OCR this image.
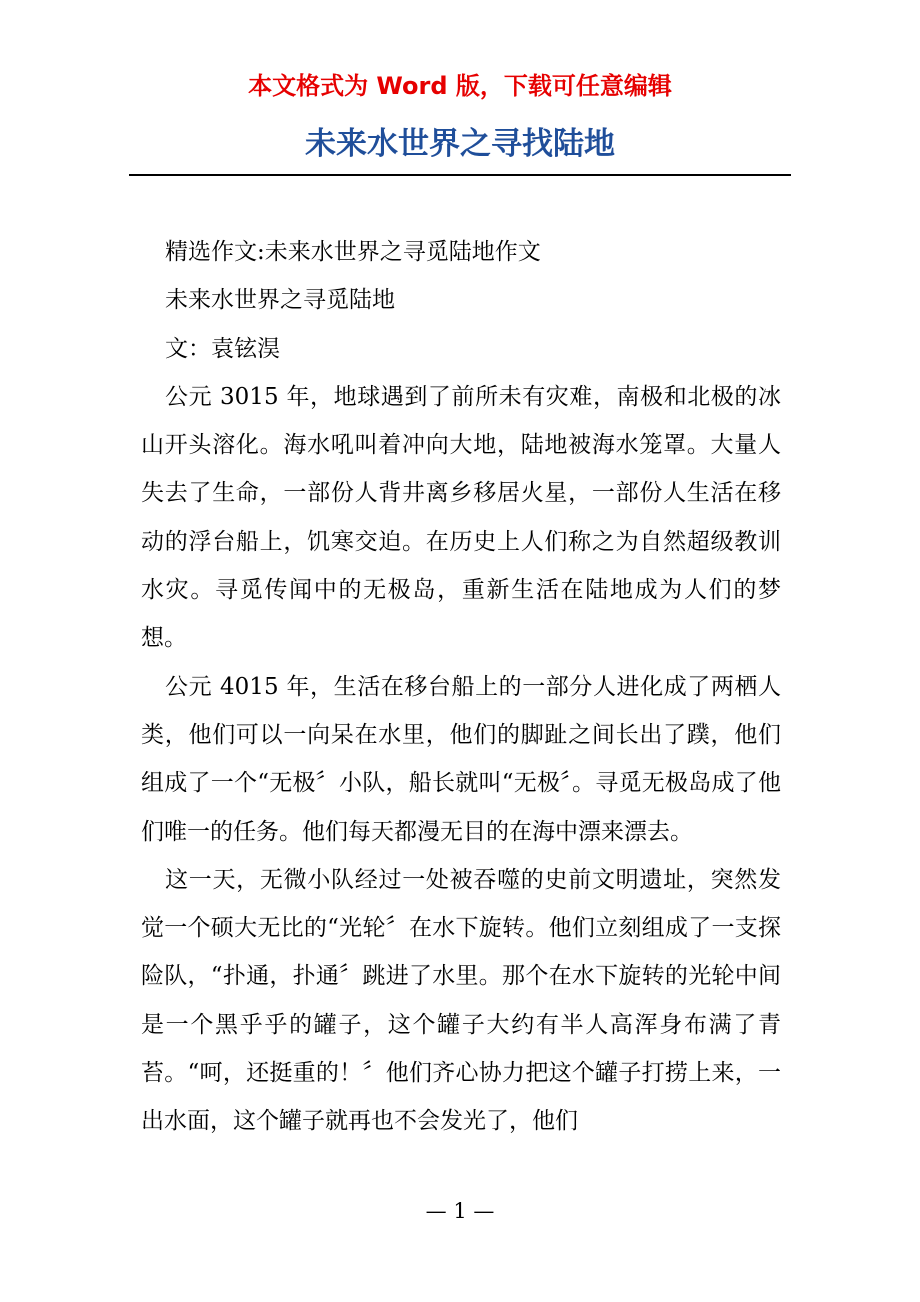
本文格式为 Word 版，下载可任意编辑
未来水世界之寻找陆地

精选作文:未来水世界之寻觅陆地作文

未来水世界之寻觅陆地

文：袁铉淏

公元 3015 年，地球遇到了前所未有灾难，南极和北极的冰山开头溶化。海水吼叫着冲向大地，陆地被海水笼罩。大量人失去了生命，一部份人背井离乡移居火星，一部份人生活在移动的浮台船上，饥寒交迫。在历史上人们称之为自然超级教训水灾。寻觅传闻中的无极岛，重新生活在陆地成为人们的梦想。

公元 4015 年，生活在移台船上的一部分人进化成了两栖人类，他们可以一向呆在水里，他们的脚趾之间长出了蹼，他们组成了一个“无极〞小队，船长就叫“无极〞。寻觅无极岛成了他们唯一的任务。他们每天都漫无目的在海中漂来漂去。

这一天，无微小队经过一处被吞噬的史前文明遗址，突然发觉一个硕大无比的“光轮〞在水下旋转。他们立刻组成了一支探险队，“扑通，扑通〞跳进了水里。那个在水下旋转的光轮中间是一个黑乎乎的罐子，这个罐子大约有半人高浑身布满了青苔。“呵，还挺重的！〞他们齐心协力把这个罐子打捞上来，一出水面，这个罐子就再也不会发光了，他们

— 1 —
